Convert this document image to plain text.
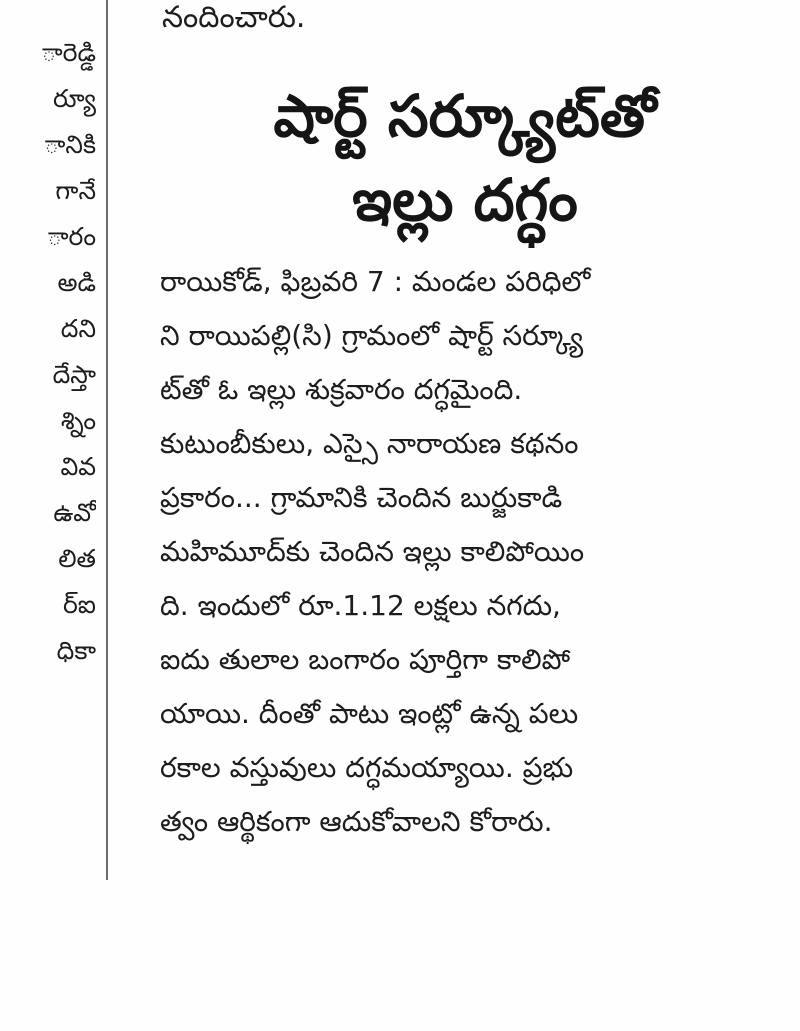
ారెడ్డి
ర్యూ
ానికి
గానే
ారం
అడి
దని
దేస్తా
శ్నిం
వివ
ఉవో
లిత
ర్ఐ
ధికా
నందించారు.
షార్ట్ సర్క్యూట్‌తో
ఇల్లు దగ్ధం
రాయికోడ్, ఫిబ్రవరి 7 : మండల పరిధిలో
ని రాయిపల్లి(సి) గ్రామంలో షార్ట్ సర్క్యూ
ట్‌తో ఓ ఇల్లు శుక్రవారం దగ్ధమైంది.
కుటుంబీకులు, ఎస్సై నారాయణ కథనం
ప్రకారం... గ్రామానికి చెందిన బుర్జుకాడి
మహిమూద్‌కు చెందిన ఇల్లు కాలిపోయిం
ది. ఇందులో రూ.1.12 లక్షలు నగదు,
ఐదు తులాల బంగారం పూర్తిగా కాలిపో
యాయి. దీంతో పాటు ఇంట్లో ఉన్న పలు
రకాల వస్తువులు దగ్ధమయ్యాయి. ప్రభు
త్వం ఆర్థికంగా ఆదుకోవాలని కోరారు.
